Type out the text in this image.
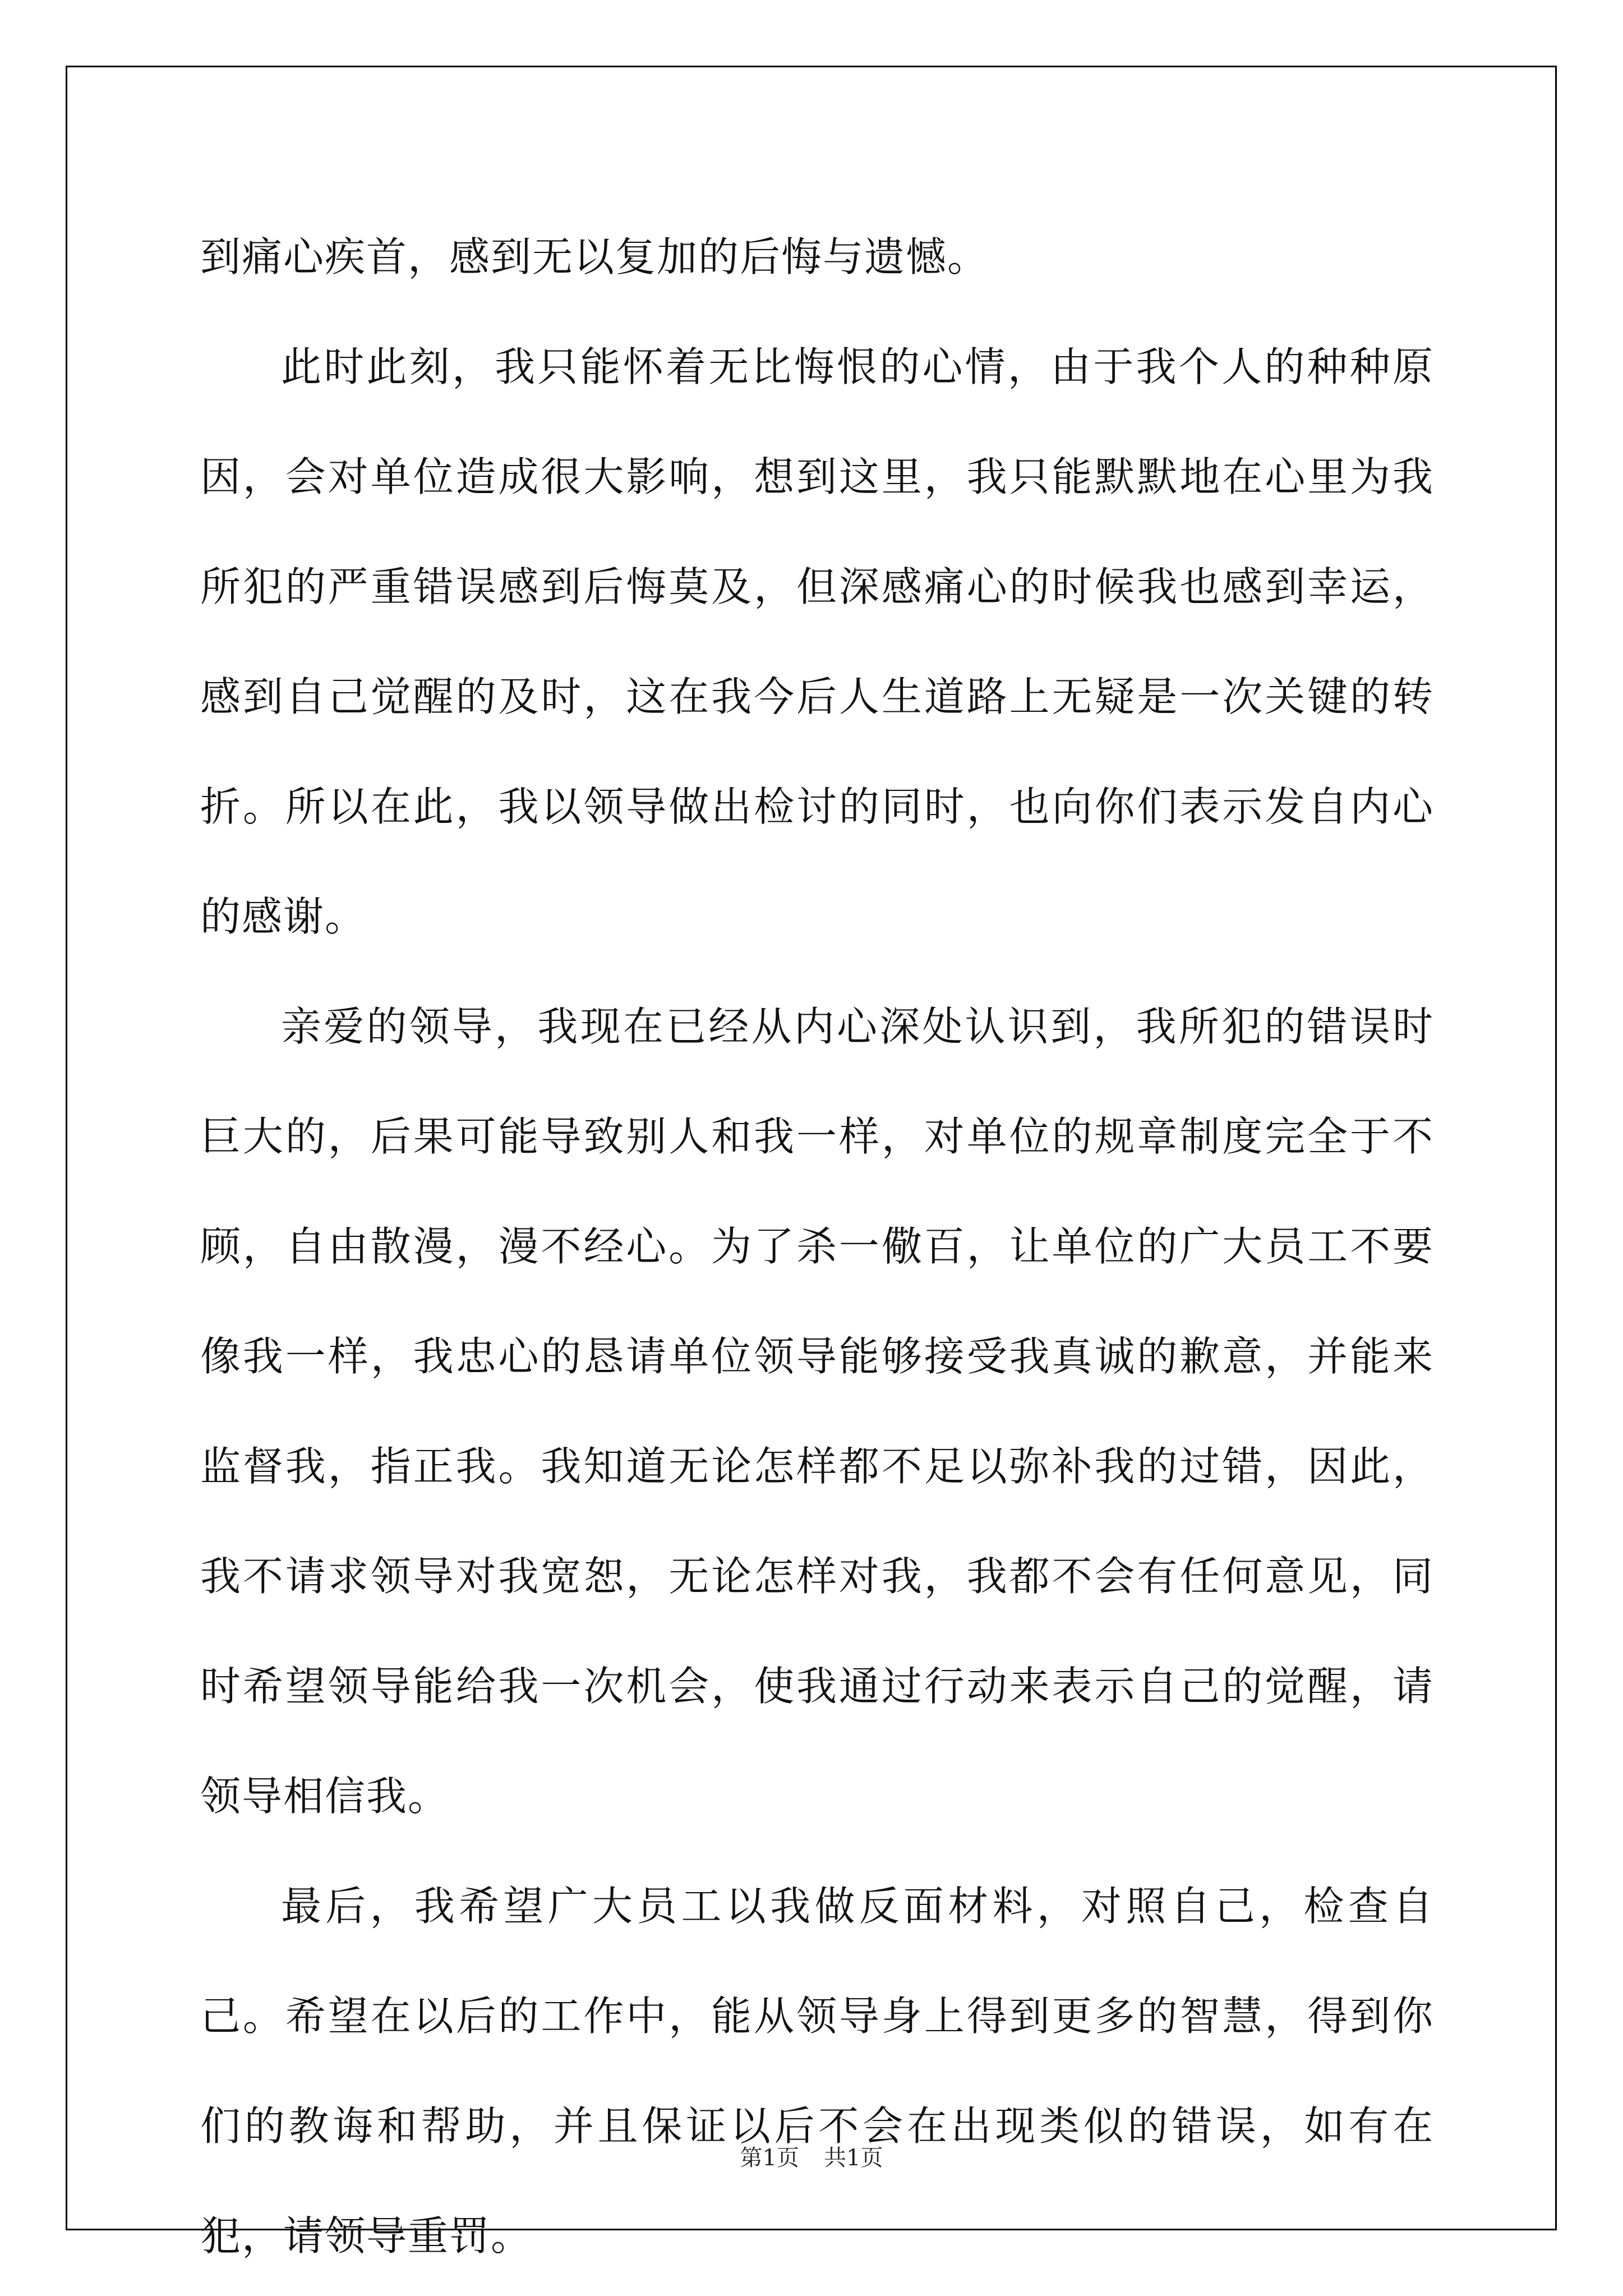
到痛心疾首，感到无以复加的后悔与遗憾。

此时此刻，我只能怀着无比悔恨的心情，由于我个人的种种原因，会对单位造成很大影响，想到这里，我只能默默地在心里为我所犯的严重错误感到后悔莫及，但深感痛心的时候我也感到幸运，感到自己觉醒的及时，这在我今后人生道路上无疑是一次关键的转折。所以在此，我以领导做出检讨的同时，也向你们表示发自内心的感谢。

亲爱的领导，我现在已经从内心深处认识到，我所犯的错误时巨大的，后果可能导致别人和我一样，对单位的规章制度完全于不顾，自由散漫，漫不经心。为了杀一儆百，让单位的广大员工不要像我一样，我忠心的恳请单位领导能够接受我真诚的歉意，并能来监督我，指正我。我知道无论怎样都不足以弥补我的过错，因此，我不请求领导对我宽恕，无论怎样对我，我都不会有任何意见，同时希望领导能给我一次机会，使我通过行动来表示自己的觉醒，请领导相信我。

最后，我希望广大员工以我做反面材料，对照自己，检查自己。希望在以后的工作中，能从领导身上得到更多的智慧，得到你们的教诲和帮助，并且保证以后不会在出现类似的错误，如有在犯，请领导重罚。

第1页 共1页
